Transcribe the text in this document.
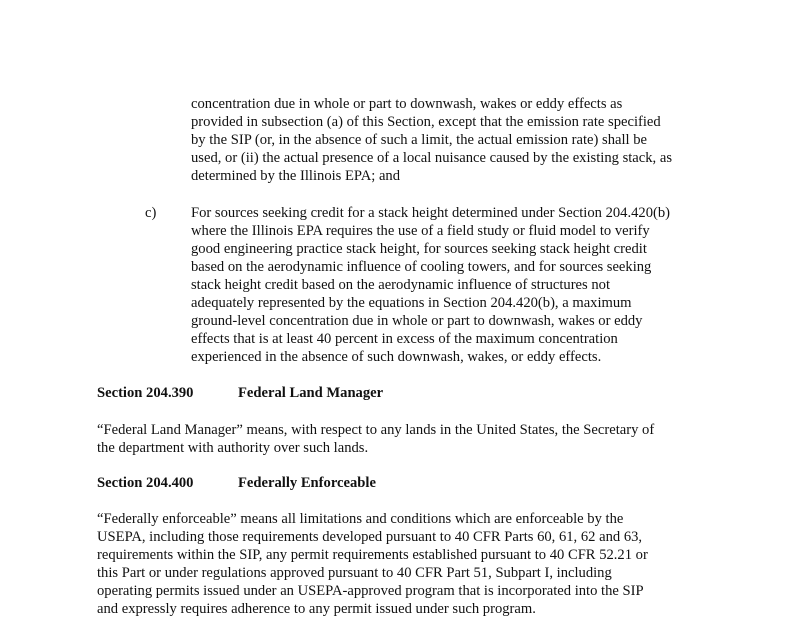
concentration due in whole or part to downwash, wakes or eddy effects as
provided in subsection (a) of this Section, except that the emission rate specified
by the SIP (or, in the absence of such a limit, the actual emission rate) shall be
used, or (ii) the actual presence of a local nuisance caused by the existing stack, as
determined by the Illinois EPA; and
c) For sources seeking credit for a stack height determined under Section 204.420(b)
where the Illinois EPA requires the use of a field study or fluid model to verify
good engineering practice stack height, for sources seeking stack height credit
based on the aerodynamic influence of cooling towers, and for sources seeking
stack height credit based on the aerodynamic influence of structures not
adequately represented by the equations in Section 204.420(b), a maximum
ground-level concentration due in whole or part to downwash, wakes or eddy
effects that is at least 40 percent in excess of the maximum concentration
experienced in the absence of such downwash, wakes, or eddy effects.
Section 204.390	Federal Land Manager
“Federal Land Manager” means, with respect to any lands in the United States, the Secretary of
the department with authority over such lands.
Section 204.400	Federally Enforceable
“Federally enforceable” means all limitations and conditions which are enforceable by the
USEPA, including those requirements developed pursuant to 40 CFR Parts 60, 61, 62 and 63,
requirements within the SIP, any permit requirements established pursuant to 40 CFR 52.21 or
this Part or under regulations approved pursuant to 40 CFR Part 51, Subpart I, including
operating permits issued under an USEPA-approved program that is incorporated into the SIP
and expressly requires adherence to any permit issued under such program.
